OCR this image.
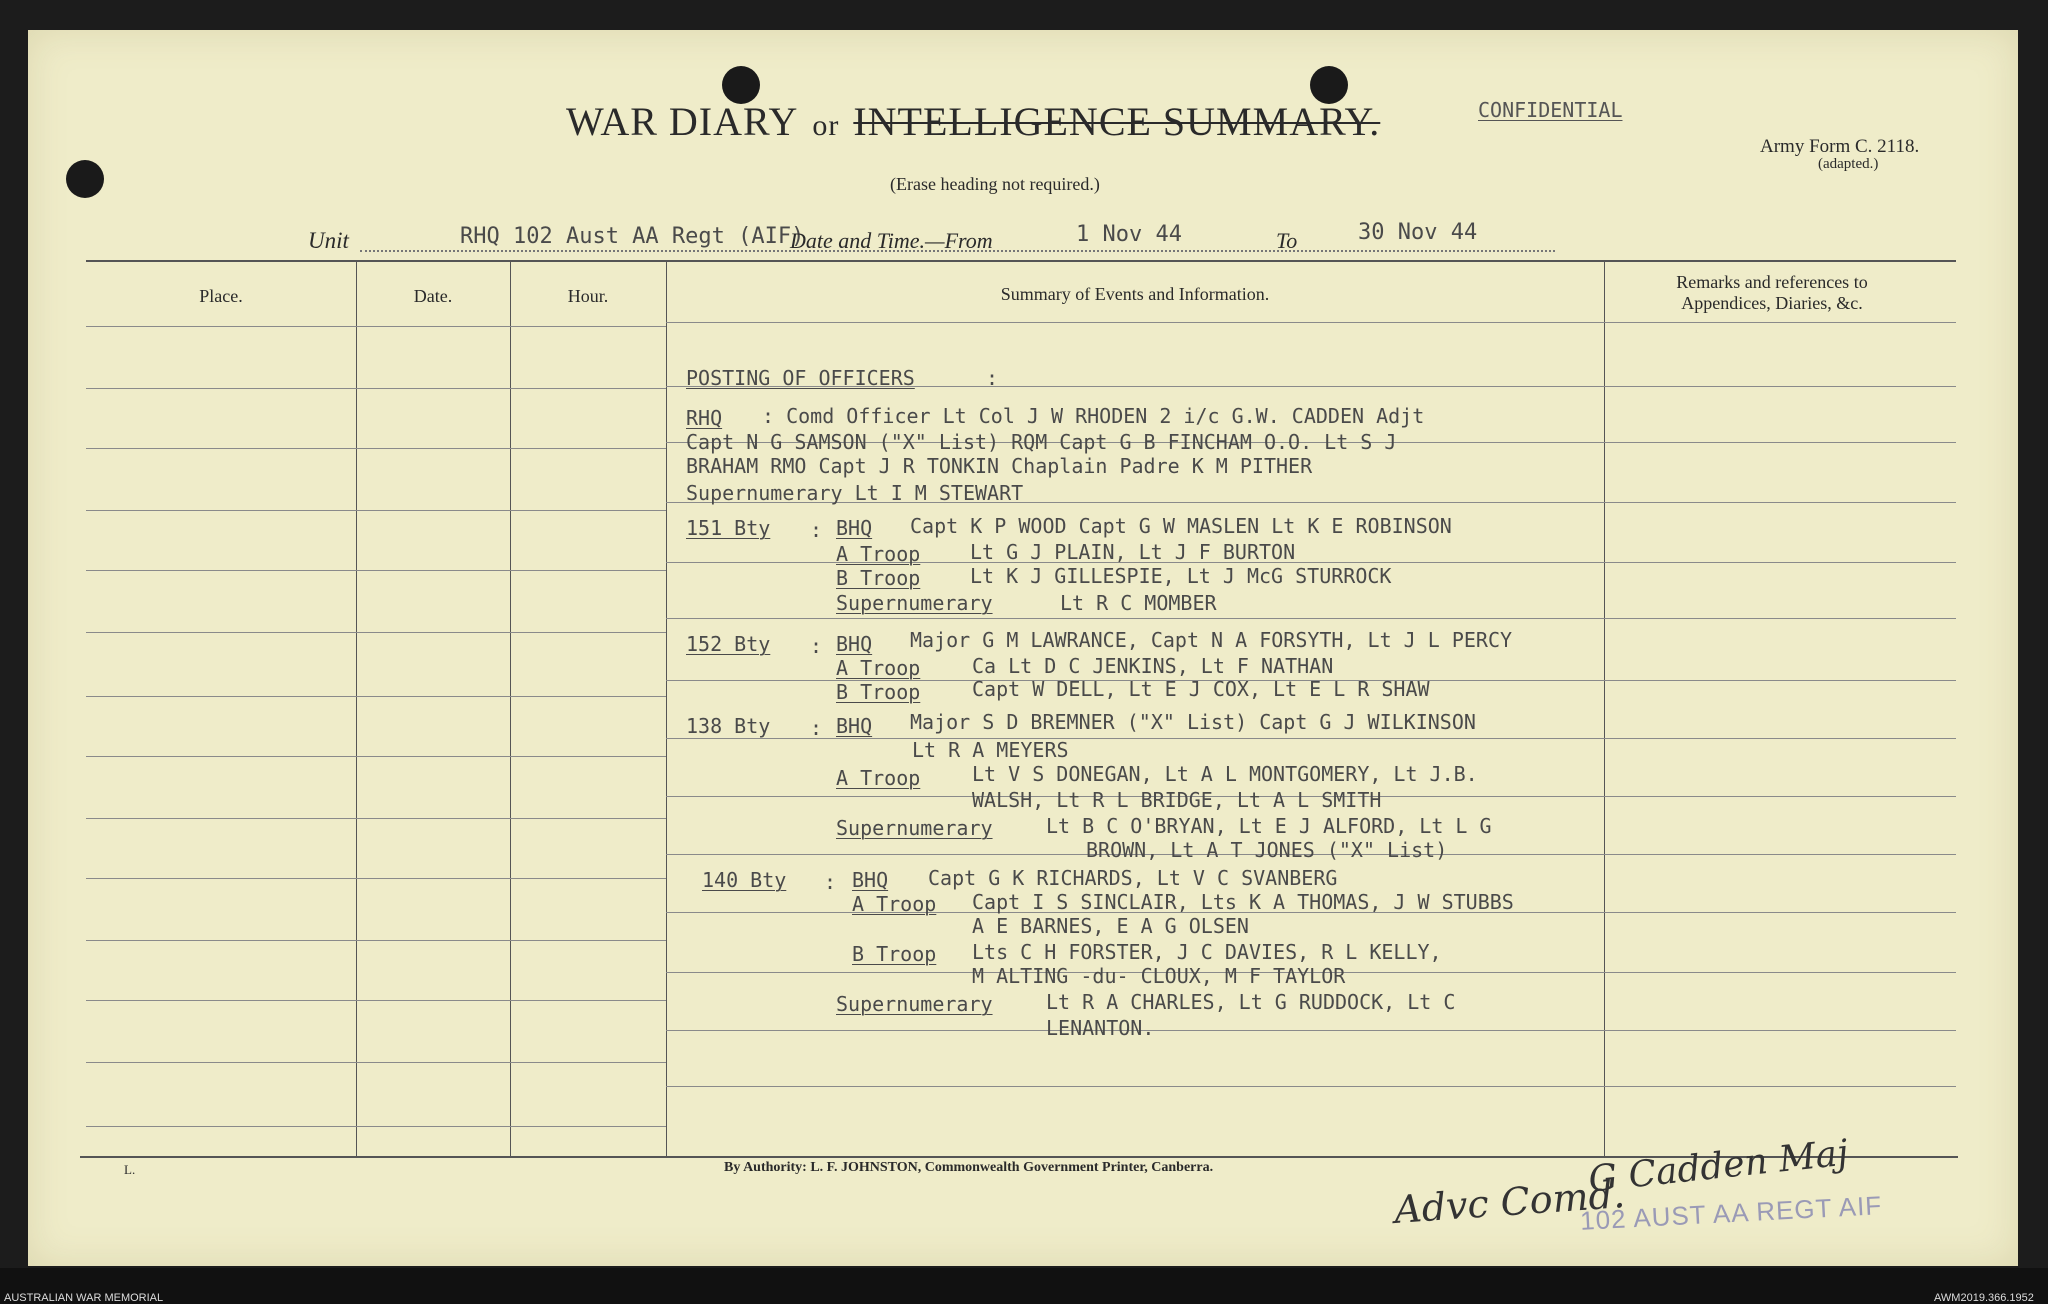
WAR DIARY or INTELLIGENCE SUMMARY.
(Erase heading not required.)
CONFIDENTIAL
Army Form C. 2118.
(adapted.)
Unit	RHQ 102 Aust AA Regt (AIF)
Date and Time.—From	1 Nov 44	To	30 Nov 44
Place.	Date.	Hour.	Summary of Events and Information.
Remarks and references to Appendices, Diaries, &c.
POSTING OF OFFICERS	:
RHQ : Comd Officer Lt Col J W RHODEN 2 i/c G.W. CADDEN Adjt
Capt N G SAMSON ("X" List) RQM Capt G B FINCHAM O.O. Lt S J
BRAHAM RMO Capt J R TONKIN Chaplain Padre K M PITHER
Supernumerary Lt I M STEWART
151 Bty : BHQ Capt K P WOOD Capt G W MASLEN Lt K E ROBINSON
A Troop Lt G J PLAIN, Lt J F BURTON
B Troop Lt K J GILLESPIE, Lt J McG STURROCK
Supernumerary	Lt R C MOMBER
152 Bty : BHQ Major G M LAWRANCE, Capt N A FORSYTH, Lt J L PERCY
A Troop	Ca Lt D C JENKINS, Lt F NATHAN
B Troop	Capt W DELL, Lt E J COX, Lt E L R SHAW
138 Bty : BHQ Major S D BREMNER ("X" List) Capt G J WILKINSON
Lt R A MEYERS
A Troop	Lt V S DONEGAN, Lt A L MONTGOMERY, Lt J.B.
WALSH, Lt R L BRIDGE, Lt A L SMITH
Supernumerary	Lt B C O'BRYAN, Lt E J ALFORD, Lt L G
BROWN, Lt A T JONES ("X" List)
140 Bty : BHQ Capt G K RICHARDS, Lt V C SVANBERG
A Troop Capt I S SINCLAIR, Lts K A THOMAS, J W STUBBS
A E BARNES, E A G OLSEN
B Troop Lts C H FORSTER, J C DAVIES, R L KELLY,
M ALTING -du- CLOUX, M F TAYLOR
Supernumerary	Lt R A CHARLES, Lt G RUDDOCK, Lt C
LENANTON.
L.	By Authority: L. F. JOHNSTON, Commonwealth Government Printer, Canberra.
Advc Comd.
G Cadden Maj
102 AUST AA REGT AIF
AUSTRALIAN WAR MEMORIAL	AWM2019.366.1952
